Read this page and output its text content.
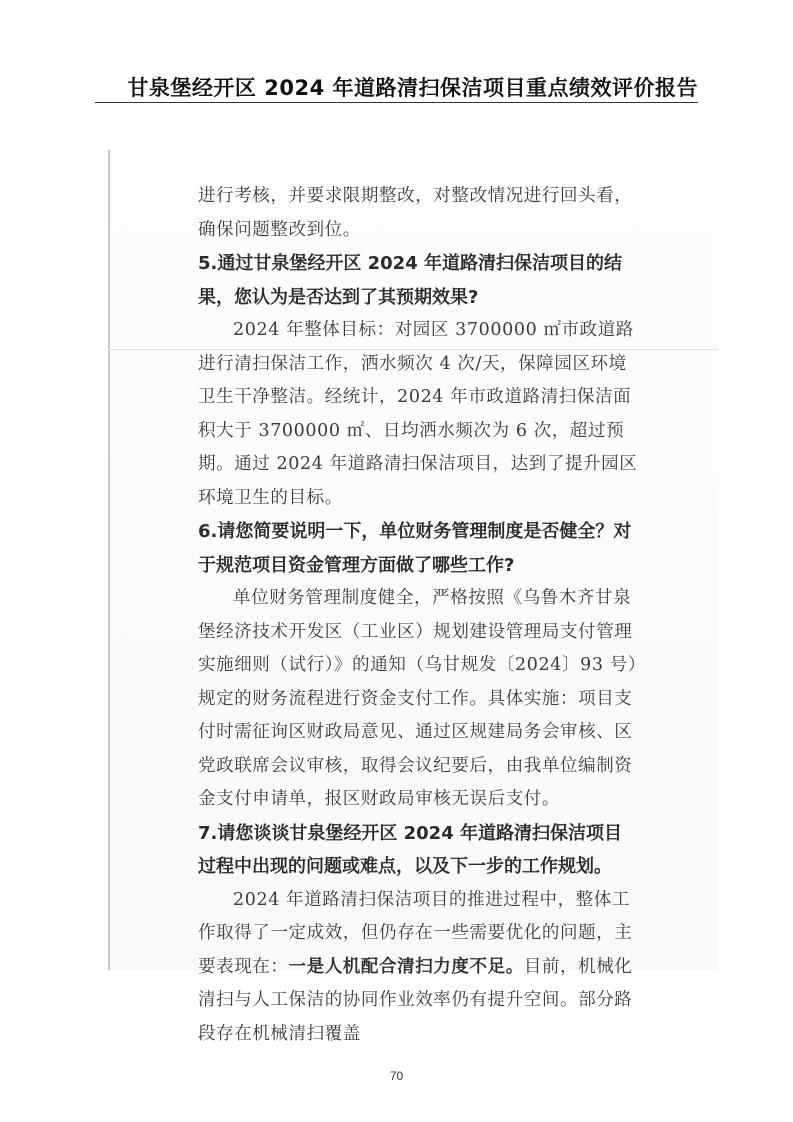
甘泉堡经开区 2024 年道路清扫保洁项目重点绩效评价报告

进行考核，并要求限期整改，对整改情况进行回头看，确保问题整改到位。

5.通过甘泉堡经开区 2024 年道路清扫保洁项目的结果，您认为是否达到了其预期效果?

2024 年整体目标：对园区 3700000 ㎡市政道路进行清扫保洁工作，洒水频次 4 次/天，保障园区环境卫生干净整洁。经统计，2024 年市政道路清扫保洁面积大于 3700000 ㎡、日均洒水频次为 6 次，超过预期。通过 2024 年道路清扫保洁项目，达到了提升园区环境卫生的目标。

6.请您简要说明一下，单位财务管理制度是否健全？对于规范项目资金管理方面做了哪些工作?

单位财务管理制度健全，严格按照《乌鲁木齐甘泉堡经济技术开发区（工业区）规划建设管理局支付管理实施细则（试行）》的通知（乌甘规发〔2024〕93 号）规定的财务流程进行资金支付工作。具体实施：项目支付时需征询区财政局意见、通过区规建局务会审核、区党政联席会议审核，取得会议纪要后，由我单位编制资金支付申请单，报区财政局审核无误后支付。

7.请您谈谈甘泉堡经开区 2024 年道路清扫保洁项目过程中出现的问题或难点，以及下一步的工作规划。

2024 年道路清扫保洁项目的推进过程中，整体工作取得了一定成效，但仍存在一些需要优化的问题，主要表现在：一是人机配合清扫力度不足。目前，机械化清扫与人工保洁的协同作业效率仍有提升空间。部分路段存在机械清扫覆盖

70
